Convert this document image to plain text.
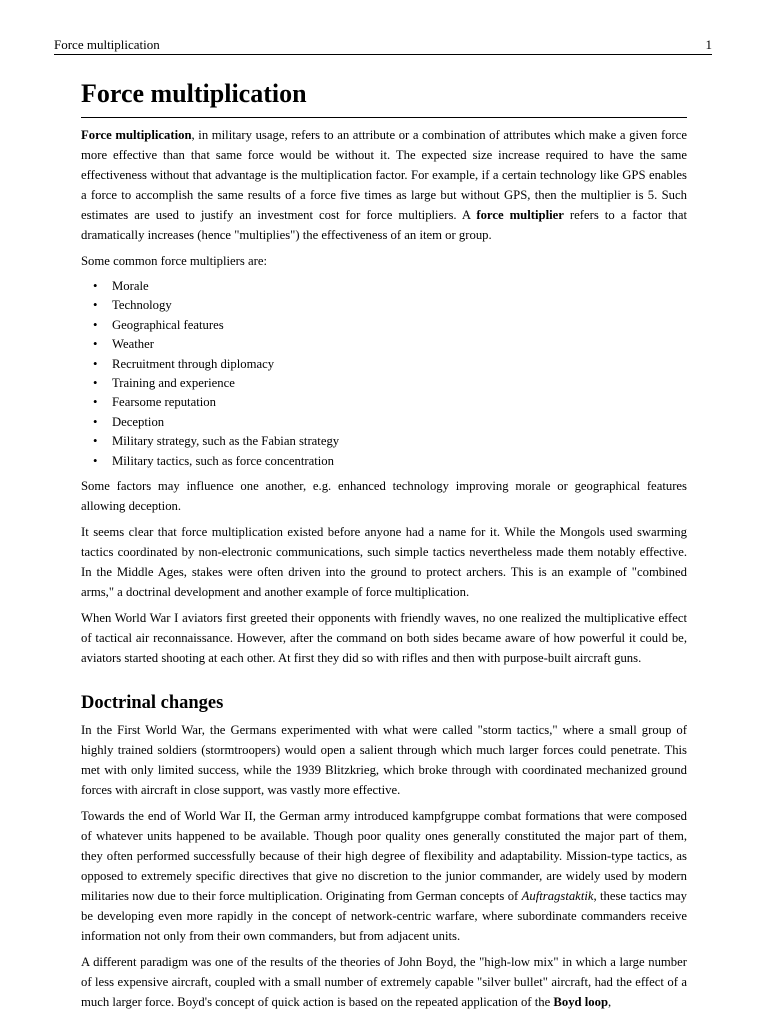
Force multiplication	1
Force multiplication

Force multiplication, in military usage, refers to an attribute or a combination of attributes which make a given force more effective than that same force would be without it. The expected size increase required to have the same effectiveness without that advantage is the multiplication factor. For example, if a certain technology like GPS enables a force to accomplish the same results of a force five times as large but without GPS, then the multiplier is 5. Such estimates are used to justify an investment cost for force multipliers. A force multiplier refers to a factor that dramatically increases (hence "multiplies") the effectiveness of an item or group.

Some common force multipliers are:

• Morale
• Technology
• Geographical features
• Weather
• Recruitment through diplomacy
• Training and experience
• Fearsome reputation
• Deception
• Military strategy, such as the Fabian strategy
• Military tactics, such as force concentration

Some factors may influence one another, e.g. enhanced technology improving morale or geographical features allowing deception.

It seems clear that force multiplication existed before anyone had a name for it. While the Mongols used swarming tactics coordinated by non-electronic communications, such simple tactics nevertheless made them notably effective. In the Middle Ages, stakes were often driven into the ground to protect archers. This is an example of "combined arms," a doctrinal development and another example of force multiplication.

When World War I aviators first greeted their opponents with friendly waves, no one realized the multiplicative effect of tactical air reconnaissance. However, after the command on both sides became aware of how powerful it could be, aviators started shooting at each other. At first they did so with rifles and then with purpose-built aircraft guns.

Doctrinal changes

In the First World War, the Germans experimented with what were called "storm tactics," where a small group of highly trained soldiers (stormtroopers) would open a salient through which much larger forces could penetrate. This met with only limited success, while the 1939 Blitzkrieg, which broke through with coordinated mechanized ground forces with aircraft in close support, was vastly more effective.

Towards the end of World War II, the German army introduced kampfgruppe combat formations that were composed of whatever units happened to be available. Though poor quality ones generally constituted the major part of them, they often performed successfully because of their high degree of flexibility and adaptability. Mission-type tactics, as opposed to extremely specific directives that give no discretion to the junior commander, are widely used by modern militaries now due to their force multiplication. Originating from German concepts of Auftragstaktik, these tactics may be developing even more rapidly in the concept of network-centric warfare, where subordinate commanders receive information not only from their own commanders, but from adjacent units.

A different paradigm was one of the results of the theories of John Boyd, the "high-low mix" in which a large number of less expensive aircraft, coupled with a small number of extremely capable "silver bullet" aircraft, had the effect of a much larger force. Boyd's concept of quick action is based on the repeated application of the Boyd loop,
